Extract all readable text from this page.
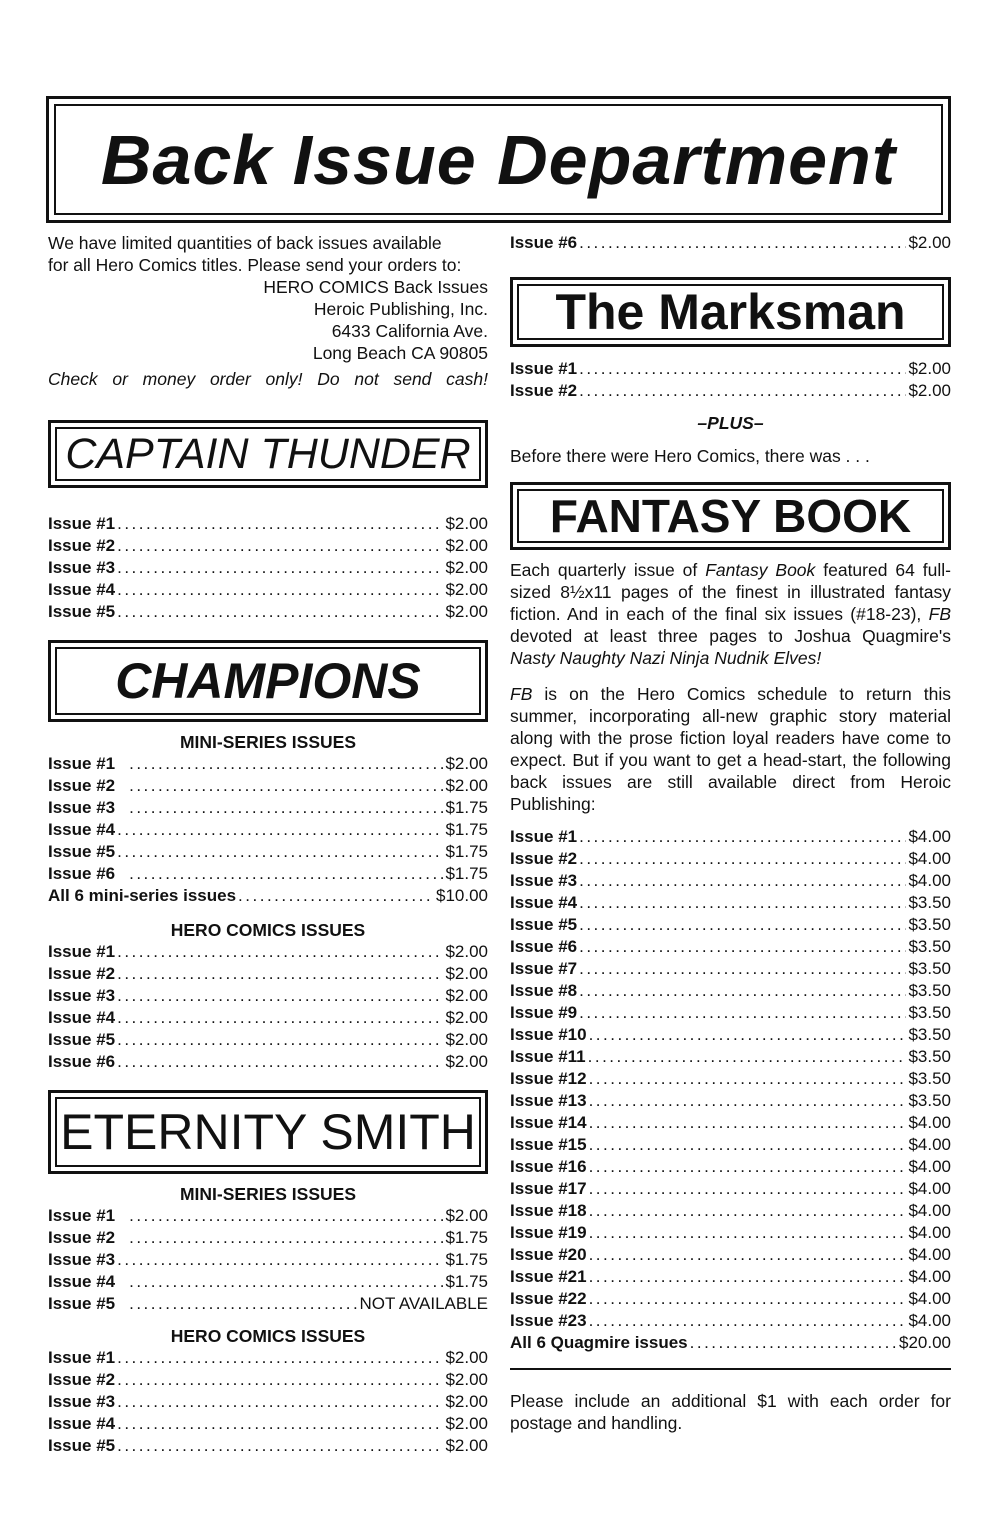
Back Issue Department
We have limited quantities of back issues available
for all Hero Comics titles. Please send your orders to:
HERO COMICS Back Issues
Heroic Publishing, Inc.
6433 California Ave.
Long Beach CA 90805
Check or money order only! Do not send cash!
CAPTAIN THUNDER
Issue #1 .....	$2.00
Issue #2 .....	$2.00
Issue #3 .....	$2.00
Issue #4 .....	$2.00
Issue #5 .....	$2.00
CHAMPIONS
MINI-SERIES ISSUES
Issue #1 .....	$2.00
Issue #2 .....	$2.00
Issue #3 .....	$1.75
Issue #4 .....	$1.75
Issue #5 .....	$1.75
Issue #6 .....	$1.75
All 6 mini-series issues .....	$10.00
HERO COMICS ISSUES
Issue #1 .....	$2.00
Issue #2 .....	$2.00
Issue #3 .....	$2.00
Issue #4 .....	$2.00
Issue #5 .....	$2.00
Issue #6 .....	$2.00
ETERNITY SMITH
MINI-SERIES ISSUES
Issue #1 .....	$2.00
Issue #2 .....	$1.75
Issue #3 .....	$1.75
Issue #4 .....	$1.75
Issue #5 .....	NOT AVAILABLE
HERO COMICS ISSUES
Issue #1 .....	$2.00
Issue #2 .....	$2.00
Issue #3 .....	$2.00
Issue #4 .....	$2.00
Issue #5 .....	$2.00
Issue #6 .....	$2.00
The Marksman
Issue #1 .....	$2.00
Issue #2 .....	$2.00
–PLUS–
Before there were Hero Comics, there was . . .
FANTASY BOOK

Each quarterly issue of Fantasy Book featured 64 full-sized 8½x11 pages of the finest in illustrated fantasy fiction. And in each of the final six issues (#18-23), FB devoted at least three pages to Joshua Quagmire's Nasty Naughty Nazi Ninja Nudnik Elves!

FB is on the Hero Comics schedule to return this summer, incorporating all-new graphic story material along with the prose fiction loyal readers have come to expect. But if you want to get a head-start, the following back issues are still available direct from Heroic Publishing:

Issue #1 .....	$4.00
Issue #2 .....	$4.00
Issue #3 .....	$4.00
Issue #4 .....	$3.50
Issue #5 .....	$3.50
Issue #6 .....	$3.50
Issue #7 .....	$3.50
Issue #8 .....	$3.50
Issue #9 .....	$3.50
Issue #10 .....	$3.50
Issue #11 .....	$3.50
Issue #12 .....	$3.50
Issue #13 .....	$3.50
Issue #14 .....	$4.00
Issue #15 .....	$4.00
Issue #16 .....	$4.00
Issue #17 .....	$4.00
Issue #18 .....	$4.00
Issue #19 .....	$4.00
Issue #20 .....	$4.00
Issue #21 .....	$4.00
Issue #22 .....	$4.00
Issue #23 .....	$4.00
All 6 Quagmire issues .....	$20.00

Please include an additional $1 with each order for postage and handling.
